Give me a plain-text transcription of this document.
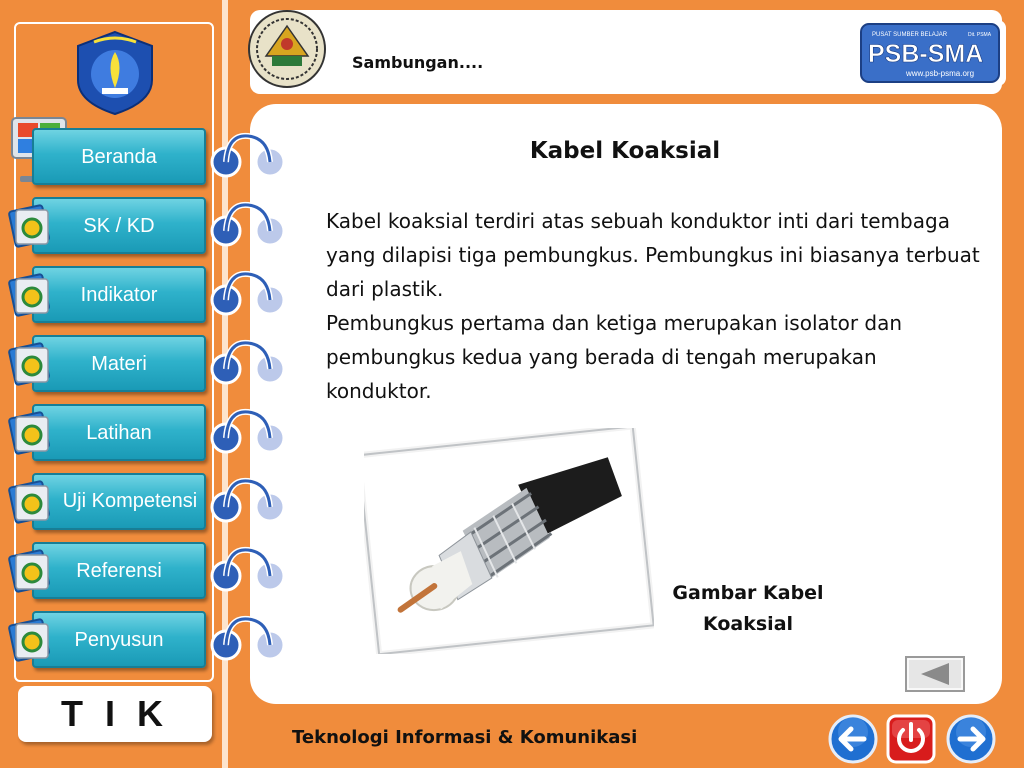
Beranda
SK / KD
Indikator
Materi
Latihan
Uji Kompetensi
Referensi
Penyusun
T I K
Sambungan....
PUSAT SUMBER BELAJAR	Dit. PSMA
PSB-SMA
www.psb-psma.org
Kabel Koaksial

Kabel koaksial terdiri atas sebuah konduktor inti dari tembaga yang dilapisi tiga pembungkus. Pembungkus ini biasanya terbuat dari plastik.

Pembungkus pertama dan ketiga merupakan isolator dan pembungkus kedua yang berada di tengah merupakan konduktor.

Gambar Kabel
Koaksial
Teknologi Informasi & Komunikasi
